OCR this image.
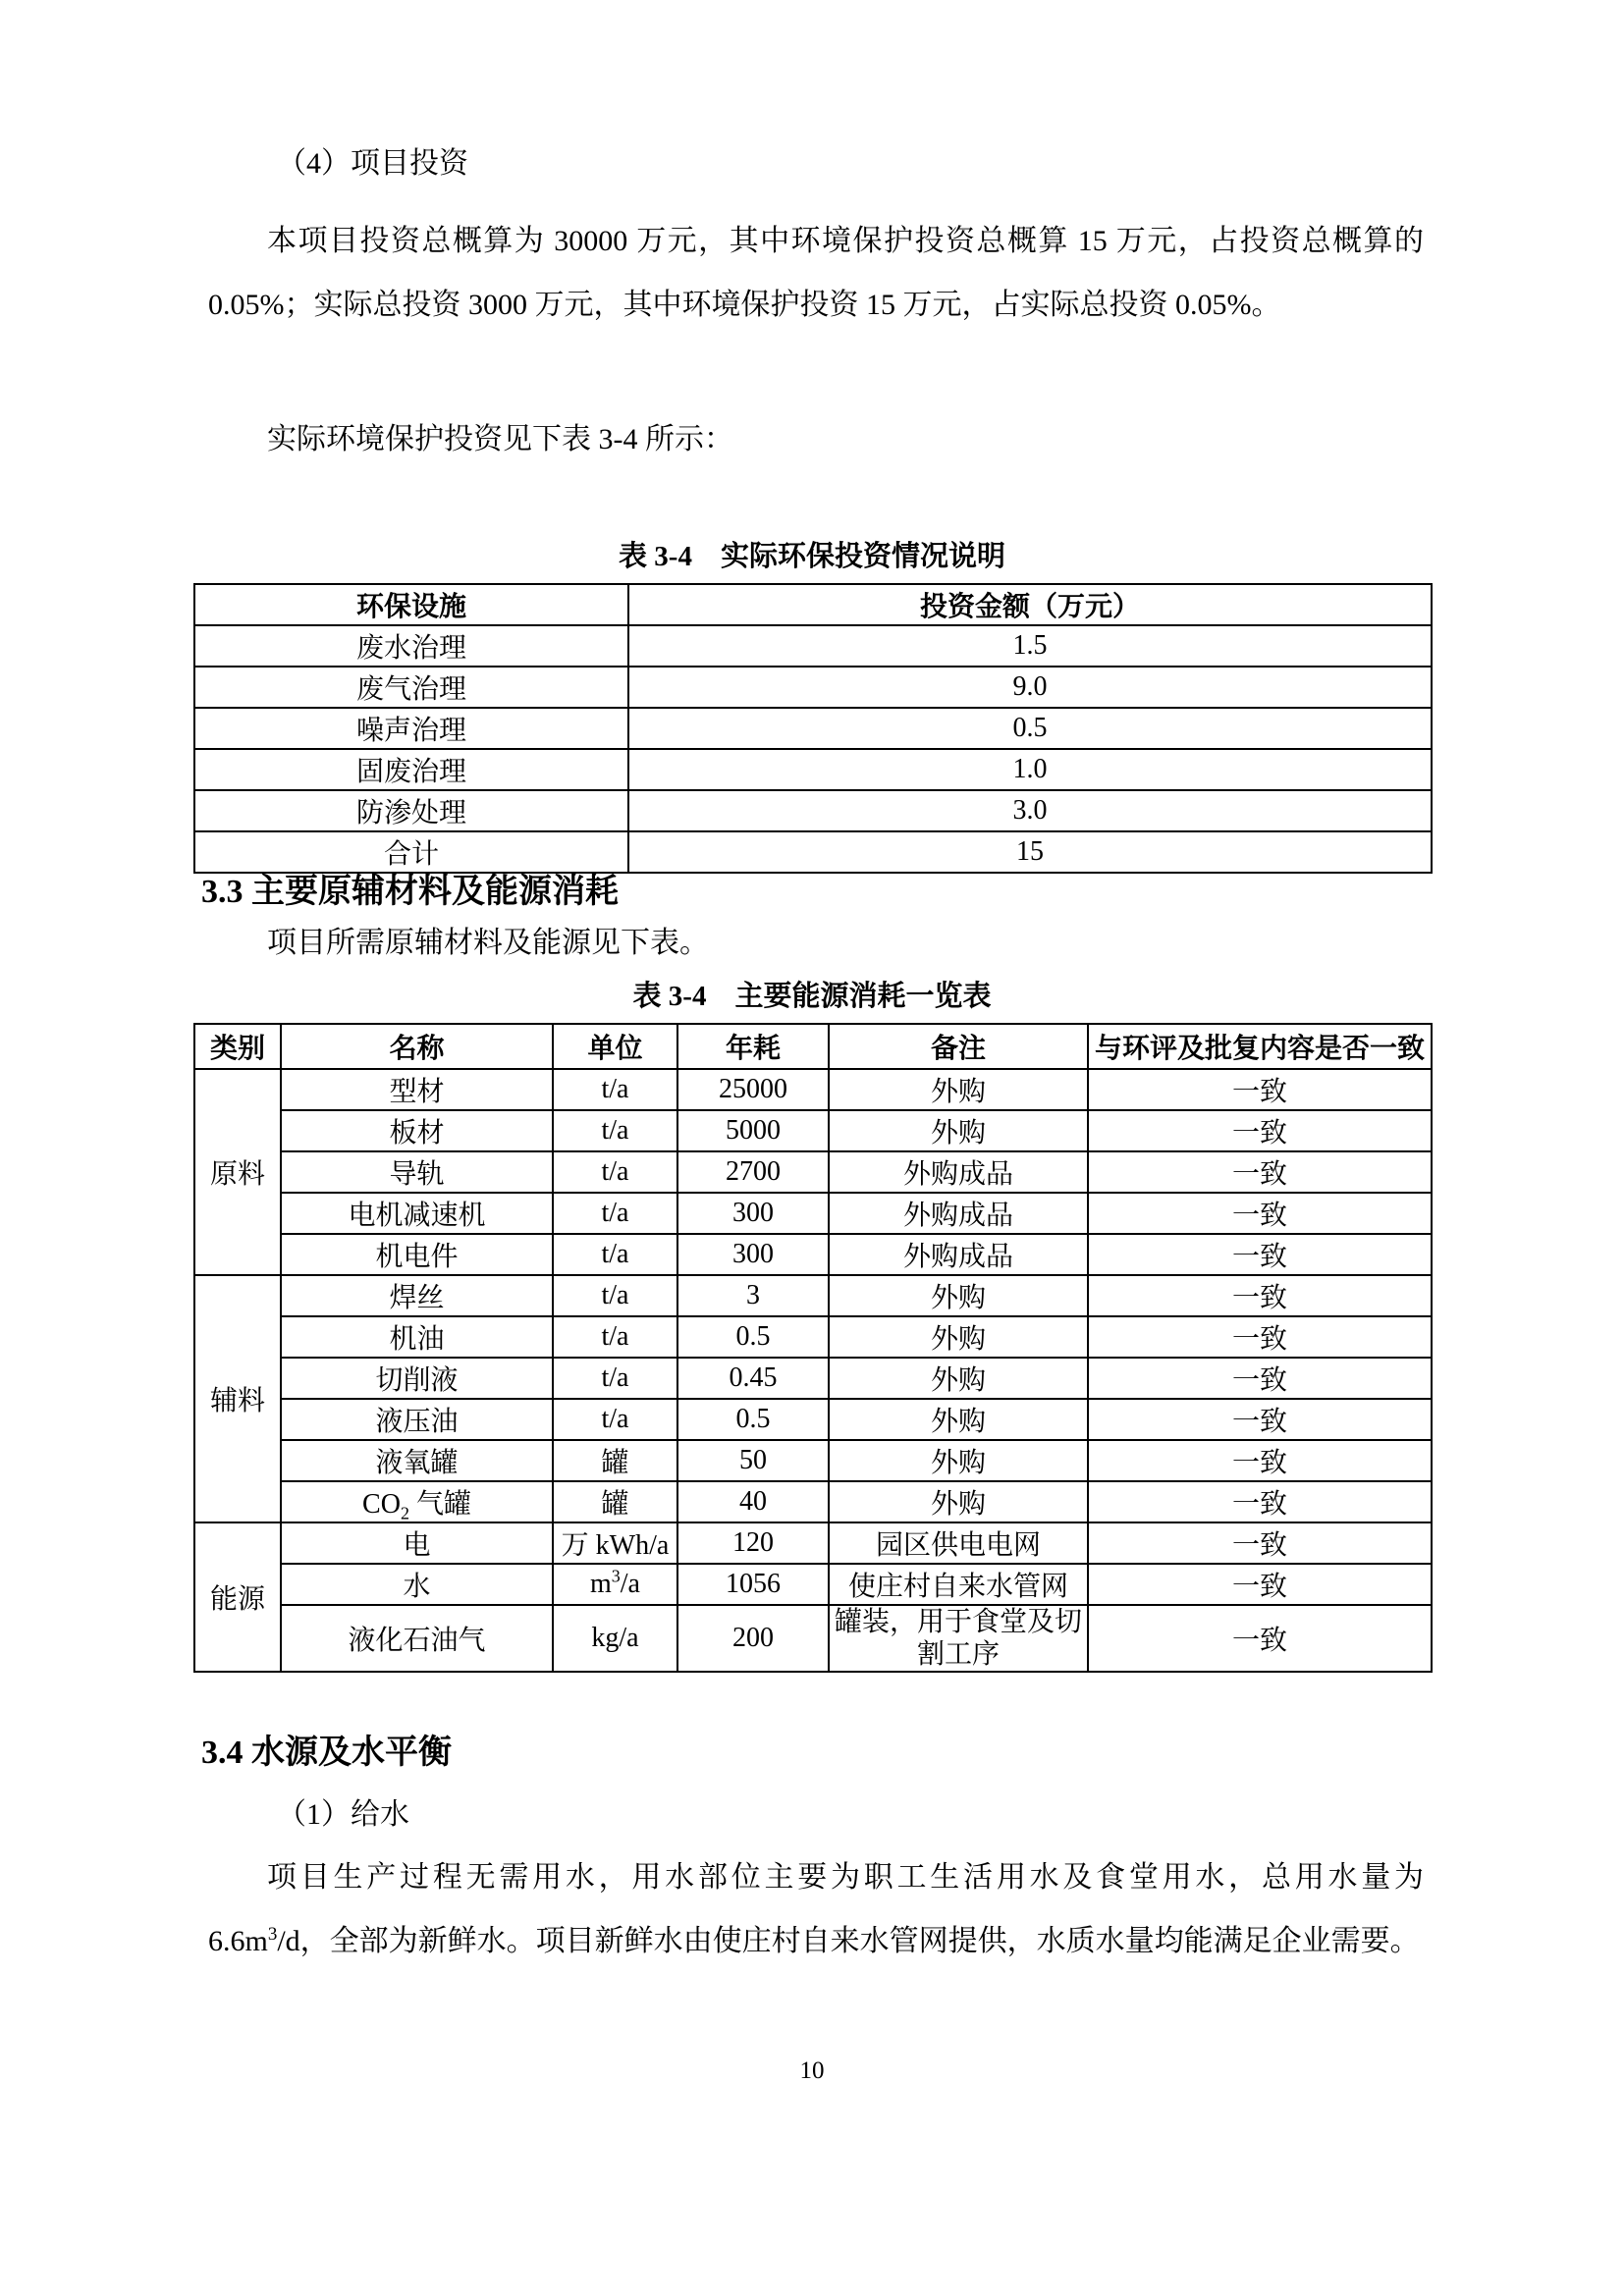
（4）项目投资
本项目投资总概算为 30000 万元，其中环境保护投资总概算 15 万元，占投资总概算的 0.05%；实际总投资 3000 万元，其中环境保护投资 15 万元，占实际总投资 0.05%。
实际环境保护投资见下表 3-4 所示：
表 3-4　实际环保投资情况说明
环保设施	投资金额（万元）
废水治理	1.5
废气治理	9.0
噪声治理	0.5
固废治理	1.0
防渗处理	3.0
合计	15
3.3 主要原辅材料及能源消耗
项目所需原辅材料及能源见下表。
表 3-4　主要能源消耗一览表
类别	名称	单位	年耗	备注	与环评及批复内容是否一致
原料	型材	t/a	25000	外购	一致
	板材	t/a	5000	外购	一致
	导轨	t/a	2700	外购成品	一致
	电机减速机	t/a	300	外购成品	一致
	机电件	t/a	300	外购成品	一致
辅料	焊丝	t/a	3	外购	一致
	机油	t/a	0.5	外购	一致
	切削液	t/a	0.45	外购	一致
	液压油	t/a	0.5	外购	一致
	液氧罐	罐	50	外购	一致
	$CO_2$ 气罐	罐	40	外购	一致
能源	电	万 kWh/a	120	园区供电电网	一致
	水	$m^3/a$	1056	使庄村自来水管网	一致
	液化石油气	kg/a	200	罐装，用于食堂及切割工序	一致
3.4 水源及水平衡
（1）给水
项目生产过程无需用水，用水部位主要为职工生活用水及食堂用水，总用水量为 $6.6m^3/d$，全部为新鲜水。项目新鲜水由使庄村自来水管网提供，水质水量均能满足企业需要。
10
